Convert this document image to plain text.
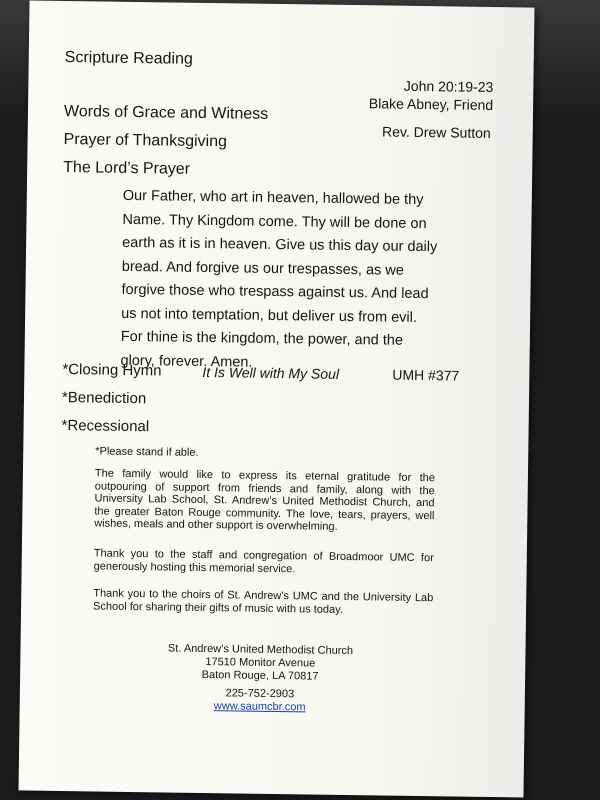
Scripture Reading
John 20:19-23
Blake Abney, Friend
Words of Grace and Witness
Rev. Drew Sutton
Prayer of Thanksgiving
The Lord’s Prayer
Our Father, who art in heaven, hallowed be thy Name. Thy Kingdom come. Thy will be done on earth as it is in heaven. Give us this day our daily bread. And forgive us our trespasses, as we forgive those who trespass against us. And lead us not into temptation, but deliver us from evil. For thine is the kingdom, the power, and the glory, forever. Amen.
*Closing Hymn	It Is Well with My Soul	UMH #377
*Benediction
*Recessional
*Please stand if able.
The family would like to express its eternal gratitude for the outpouring of support from friends and family, along with the University Lab School, St. Andrew’s United Methodist Church, and the greater Baton Rouge community. The love, tears, prayers, well wishes, meals and other support is overwhelming.
Thank you to the staff and congregation of Broadmoor UMC for generously hosting this memorial service.
Thank you to the choirs of St. Andrew’s UMC and the University Lab School for sharing their gifts of music with us today.
St. Andrew’s United Methodist Church
17510 Monitor Avenue
Baton Rouge, LA 70817
225-752-2903
www.saumcbr.com
